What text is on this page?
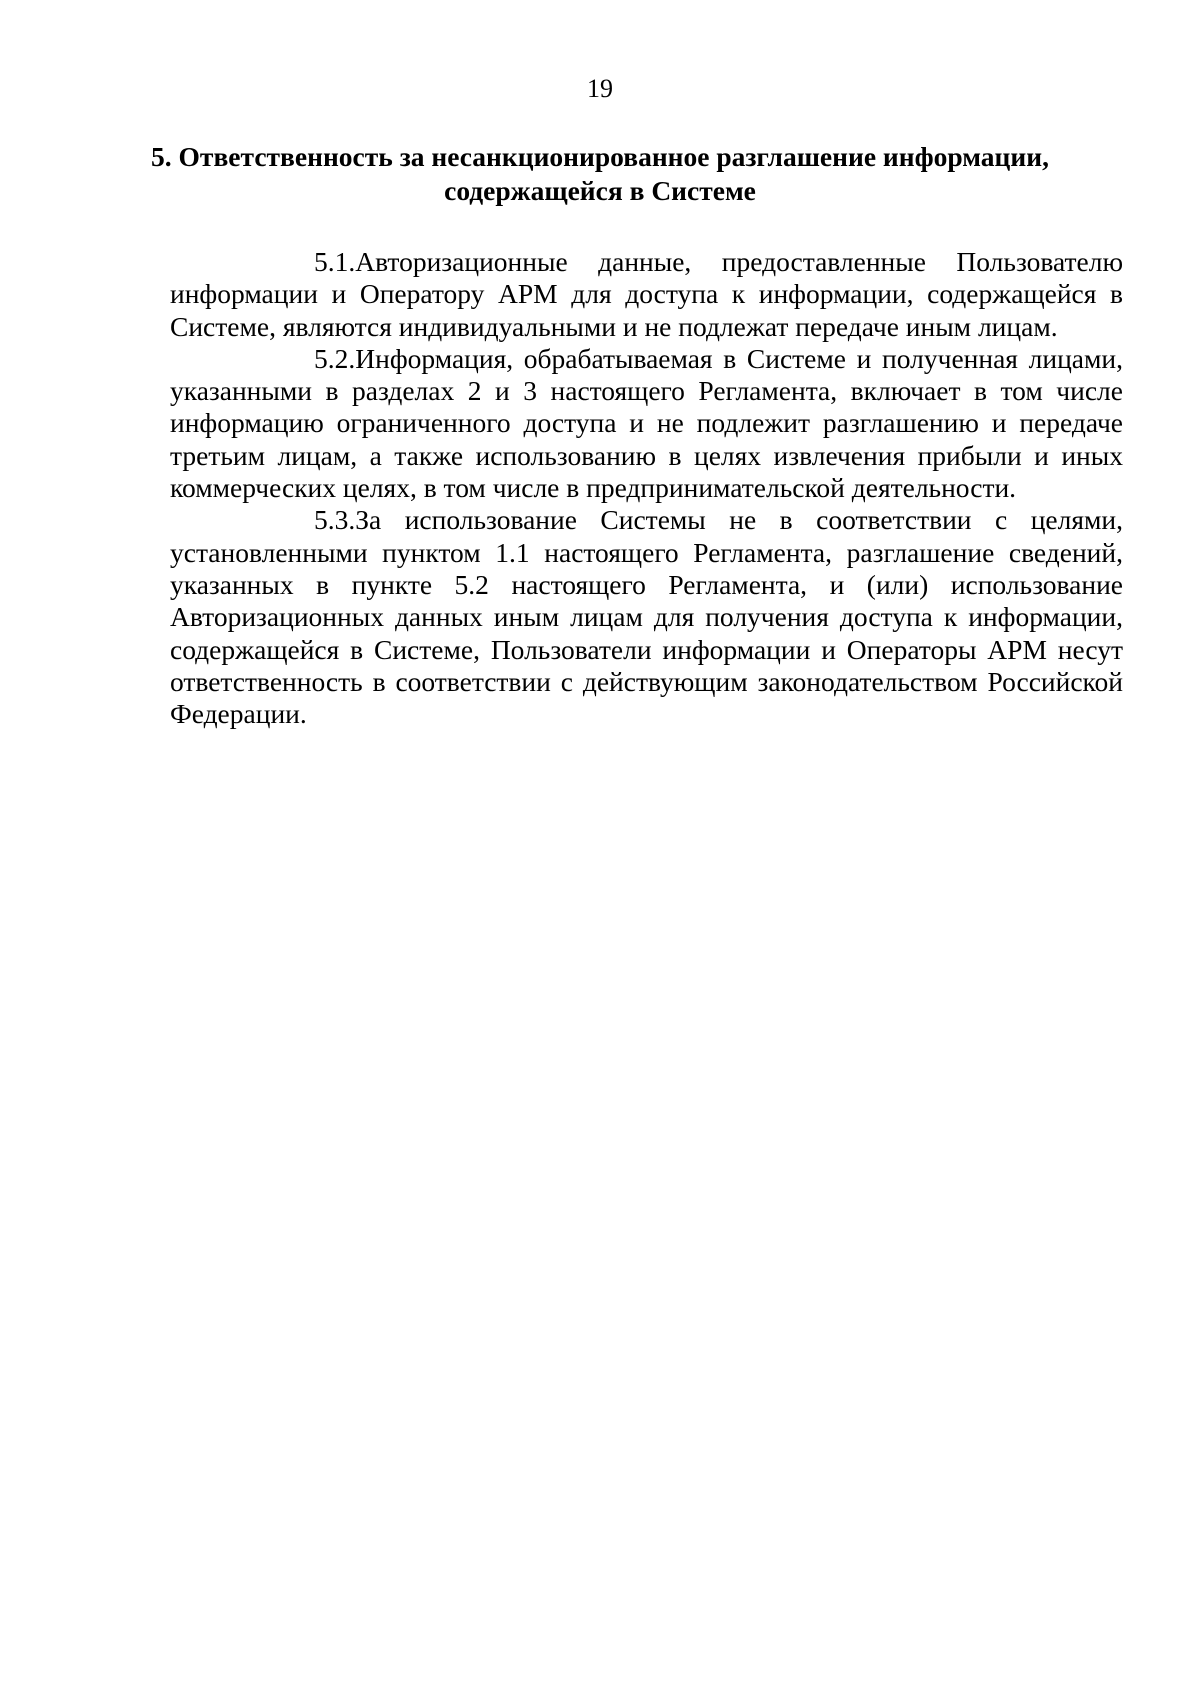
19
5. Ответственность за несанкционированное разглашение информации,
содержащейся в Системе

5.1.Авторизационные данные, предоставленные Пользователю информации и Оператору АРМ для доступа к информации, содержащейся в Системе, являются индивидуальными и не подлежат передаче иным лицам.

5.2.Информация, обрабатываемая в Системе и полученная лицами, указанными в разделах 2 и 3 настоящего Регламента, включает в том числе информацию ограниченного доступа и не подлежит разглашению и передаче третьим лицам, а также использованию в целях извлечения прибыли и иных коммерческих целях, в том числе в предпринимательской деятельности.

5.3.За использование Системы не в соответствии с целями, установленными пунктом 1.1 настоящего Регламента, разглашение сведений, указанных в пункте 5.2 настоящего Регламента, и (или) использование Авторизационных данных иным лицам для получения доступа к информации, содержащейся в Системе, Пользователи информации и Операторы АРМ несут ответственность в соответствии с действующим законодательством Российской Федерации.
